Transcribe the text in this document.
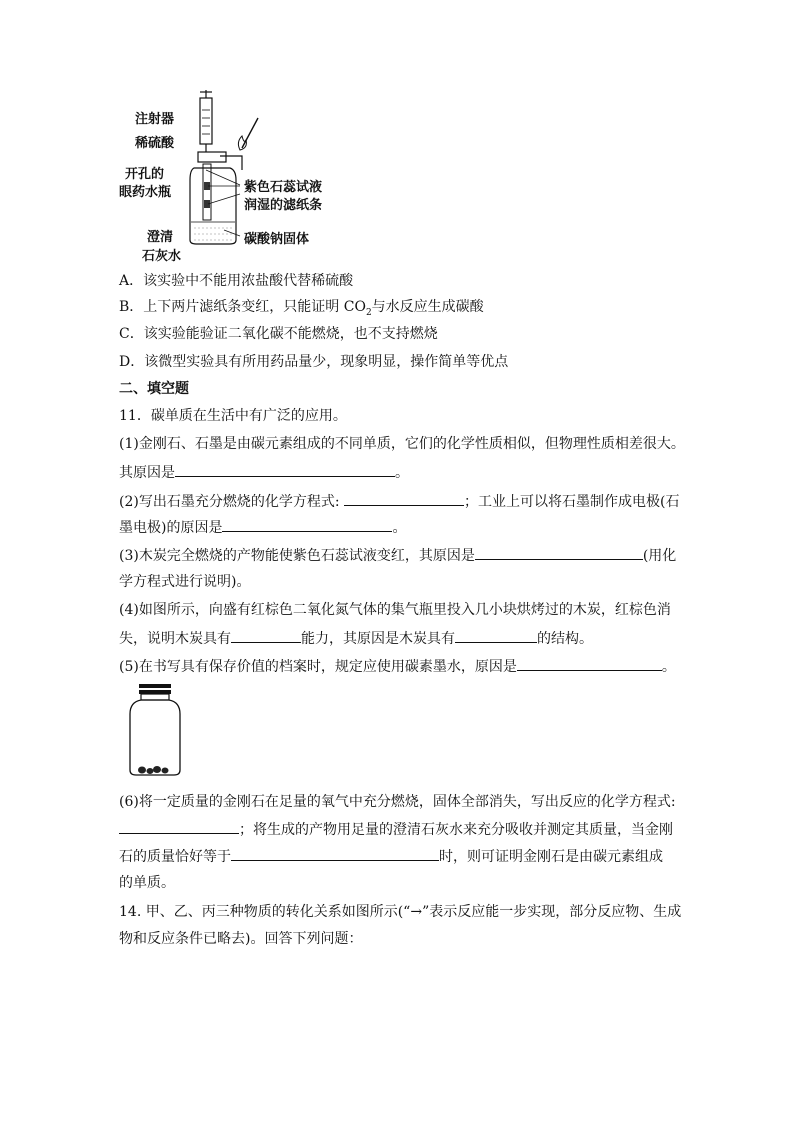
注射器
稀硫酸
开孔的
眼药水瓶	紫色石蕊试液
润湿的滤纸条
澄清
石灰水
碳酸钠固体
A．该实验中不能用浓盐酸代替稀硫酸
B．上下两片滤纸条变红，只能证明 $CO_2$与水反应生成碳酸
C．该实验能验证二氧化碳不能燃烧，也不支持燃烧
D．该微型实验具有所用药品量少，现象明显，操作简单等优点
二、填空题
11．碳单质在生活中有广泛的应用。
(1)金刚石、石墨是由碳元素组成的不同单质，它们的化学性质相似，但物理性质相差很大。
其原因是	。
(2)写出石墨充分燃烧的化学方程式:	；工业上可以将石墨制作成电极(石
墨电极)的原因是	。
(3)木炭完全燃烧的产物能使紫色石蕊试液变红，其原因是	(用化
学方程式进行说明)。
(4)如图所示，向盛有红棕色二氧化氮气体的集气瓶里投入几小块烘烤过的木炭，红棕色消
失，说明木炭具有	能力，其原因是木炭具有	的结构。
(5)在书写具有保存价值的档案时，规定应使用碳素墨水，原因是	。
(6)将一定质量的金刚石在足量的氧气中充分燃烧，固体全部消失，写出反应的化学方程式:
；将生成的产物用足量的澄清石灰水来充分吸收并测定其质量，当金刚
石的质量恰好等于	时，则可证明金刚石是由碳元素组成
的单质。
14. 甲、乙、丙三种物质的转化关系如图所示(“→”表示反应能一步实现，部分反应物、生成
物和反应条件已略去)。回答下列问题：
